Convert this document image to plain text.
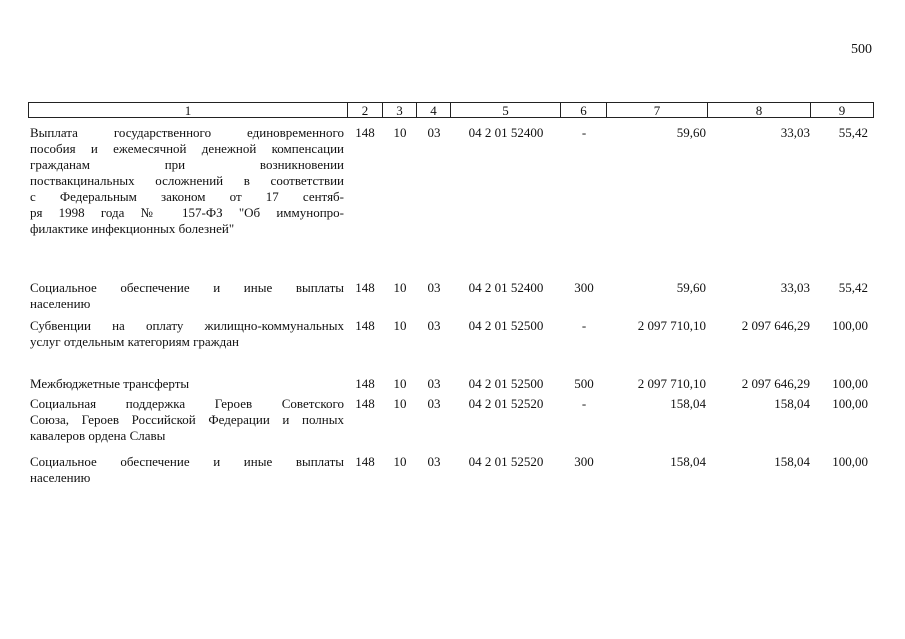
500
1	2	3	4	5	6	7	8	9
Выплата государственного единовременного
пособия и ежемесячной денежной компенсации
гражданам при возникновении
поствакцинальных осложнений в соответствии
с Федеральным законом от 17 сентяб-
ря 1998 года № 157-ФЗ "Об иммунопро-
филактике инфекционных болезней"
148	10	03	04 2 01 52400	-	59,60	33,03	55,42
Социальное обеспечение и иные выплаты
населению
148	10	03	04 2 01 52400	300	59,60	33,03	55,42
Субвенции на оплату жилищно-коммунальных
услуг отдельным категориям граждан
148	10	03	04 2 01 52500	-	2 097 710,10	2 097 646,29	100,00
Межбюджетные трансферты	148	10	03	04 2 01 52500	500	2 097 710,10	2 097 646,29	100,00
Социальная поддержка Героев Советского
Союза, Героев Российской Федерации и полных
кавалеров ордена Славы
148	10	03	04 2 01 52520	-	158,04	158,04	100,00
Социальное обеспечение и иные выплаты
населению
148	10	03	04 2 01 52520	300	158,04	158,04	100,00
